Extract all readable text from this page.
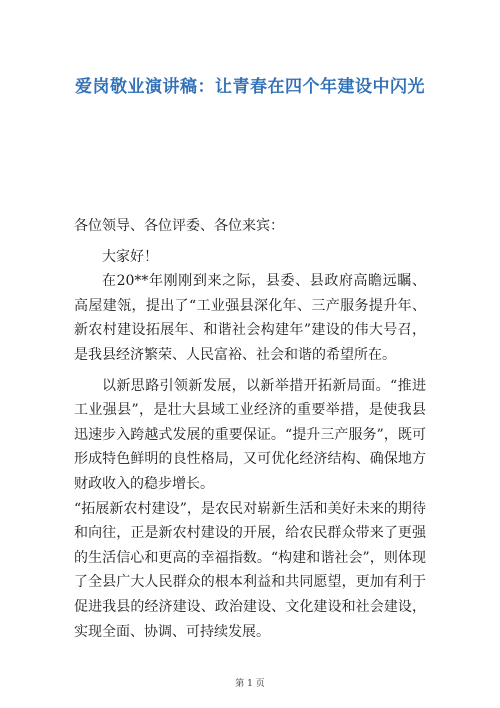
爱岗敬业演讲稿：让青春在四个年建设中闪光

各位领导、各位评委、各位来宾：

大家好！

在20**年刚刚到来之际，县委、县政府高瞻远瞩、高屋建瓴，提出了“工业强县深化年、三产服务提升年、新农村建设拓展年、和谐社会构建年”建设的伟大号召，是我县经济繁荣、人民富裕、社会和谐的希望所在。

以新思路引领新发展，以新举措开拓新局面。“推进工业强县”，是壮大县域工业经济的重要举措，是使我县迅速步入跨越式发展的重要保证。“提升三产服务”，既可形成特色鲜明的良性格局，又可优化经济结构、确保地方财政收入的稳步增长。

“拓展新农村建设”，是农民对崭新生活和美好未来的期待和向往，正是新农村建设的开展，给农民群众带来了更强的生活信心和更高的幸福指数。“构建和谐社会”，则体现了全县广大人民群众的根本利益和共同愿望，更加有利于促进我县的经济建设、政治建设、文化建设和社会建设，实现全面、协调、可持续发展。

第 1 页
